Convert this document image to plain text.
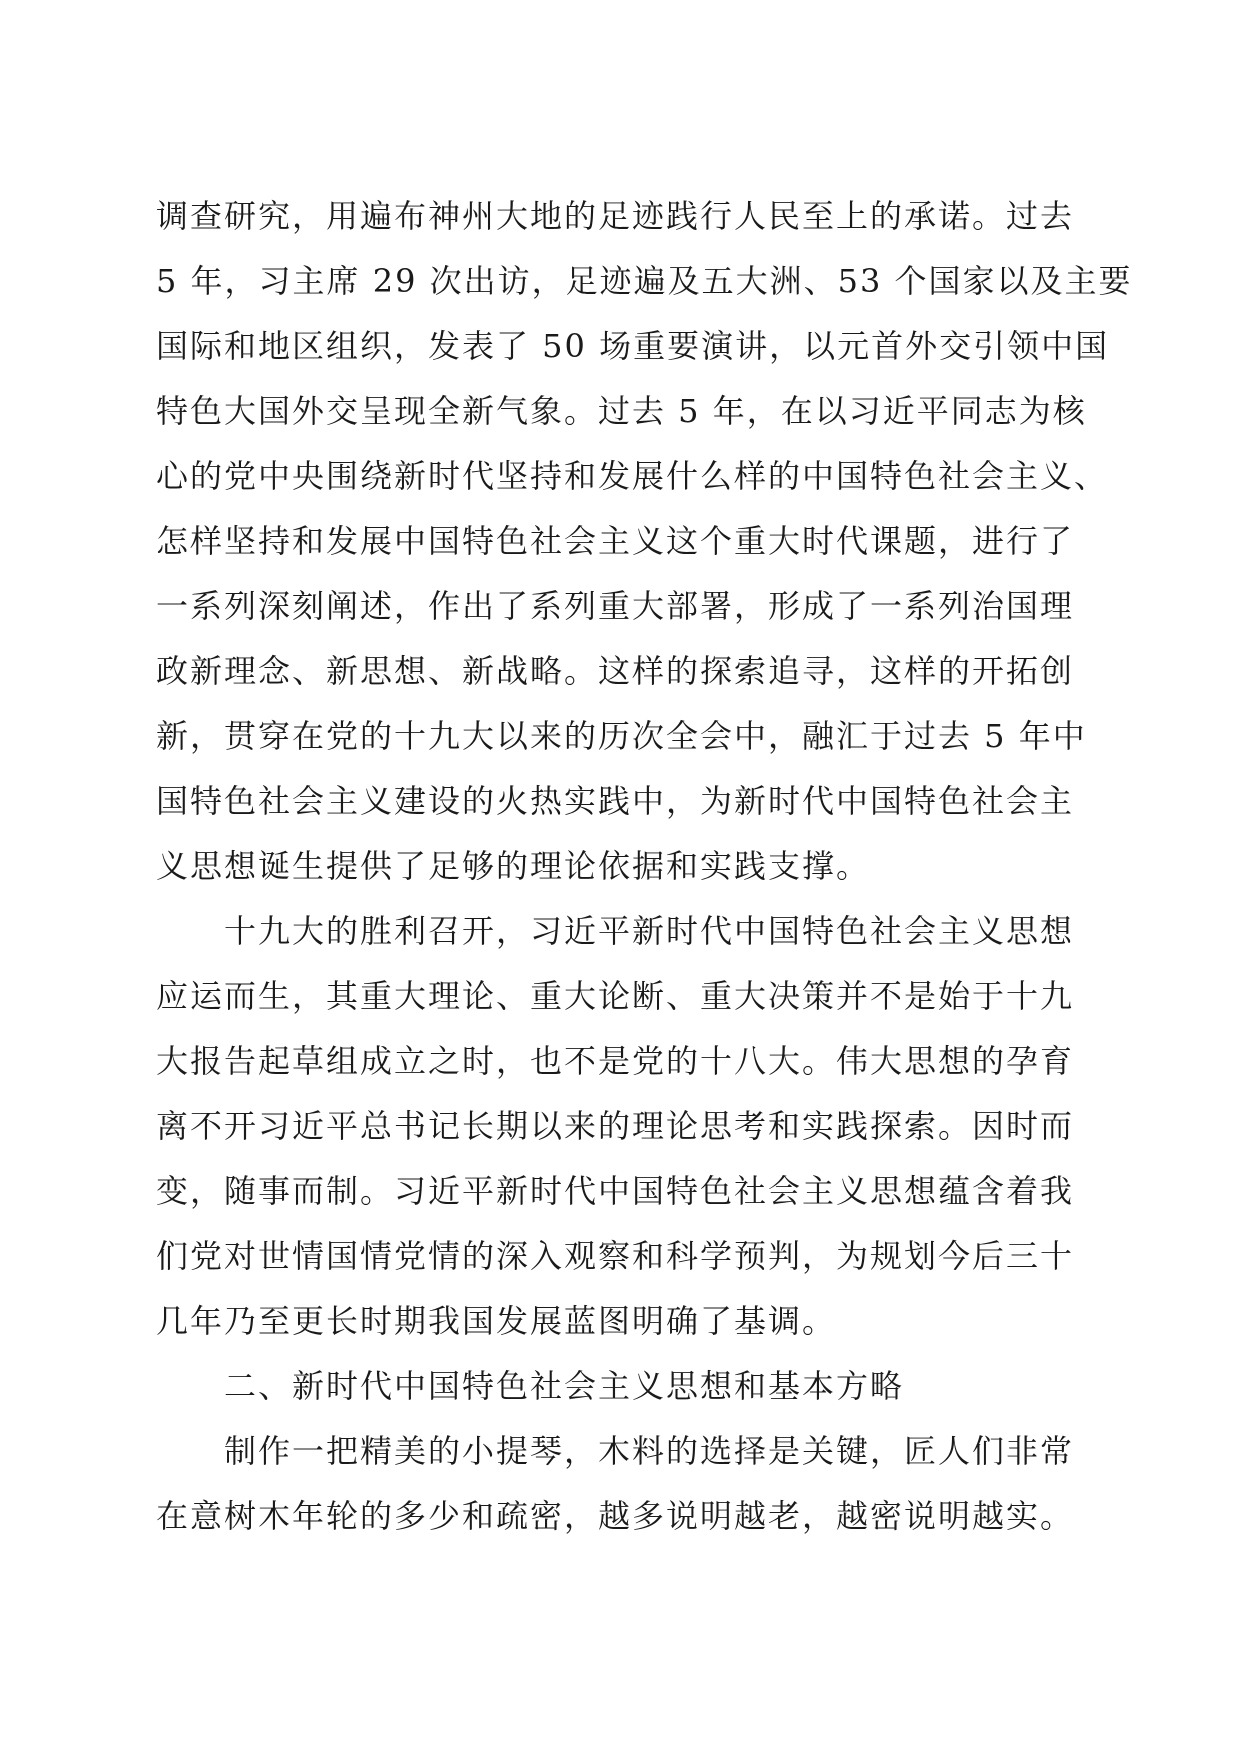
调查研究，用遍布神州大地的足迹践行人民至上的承诺。过去
5 年，习主席 29 次出访，足迹遍及五大洲、53 个国家以及主要
国际和地区组织，发表了 50 场重要演讲，以元首外交引领中国
特色大国外交呈现全新气象。过去 5 年，在以习近平同志为核
心的党中央围绕新时代坚持和发展什么样的中国特色社会主义、
怎样坚持和发展中国特色社会主义这个重大时代课题，进行了
一系列深刻阐述，作出了系列重大部署，形成了一系列治国理
政新理念、新思想、新战略。这样的探索追寻，这样的开拓创
新，贯穿在党的十九大以来的历次全会中，融汇于过去 5 年中
国特色社会主义建设的火热实践中，为新时代中国特色社会主
义思想诞生提供了足够的理论依据和实践支撑。
十九大的胜利召开，习近平新时代中国特色社会主义思想
应运而生，其重大理论、重大论断、重大决策并不是始于十九
大报告起草组成立之时，也不是党的十八大。伟大思想的孕育
离不开习近平总书记长期以来的理论思考和实践探索。因时而
变，随事而制。习近平新时代中国特色社会主义思想蕴含着我
们党对世情国情党情的深入观察和科学预判，为规划今后三十
几年乃至更长时期我国发展蓝图明确了基调。
二、新时代中国特色社会主义思想和基本方略
制作一把精美的小提琴，木料的选择是关键，匠人们非常
在意树木年轮的多少和疏密，越多说明越老，越密说明越实。
